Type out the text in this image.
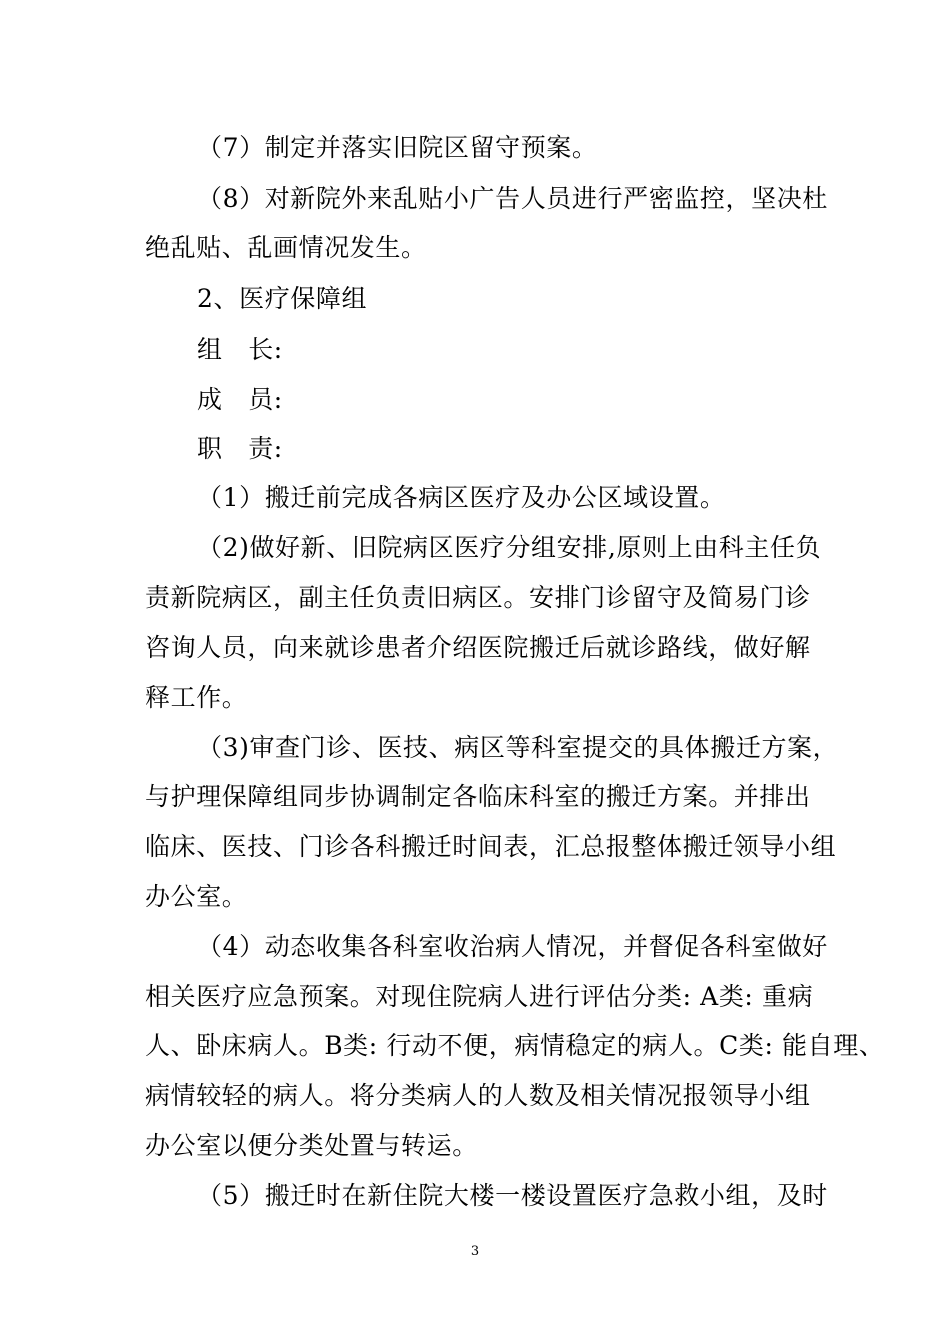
（7）制定并落实旧院区留守预案。
（8）对新院外来乱贴小广告人员进行严密监控，坚决杜
绝乱贴、乱画情况发生。
2、医疗保障组
组　长:
成　员:
职　责:
（1）搬迁前完成各病区医疗及办公区域设置。
（2)做好新、旧院病区医疗分组安排,原则上由科主任负
责新院病区，副主任负责旧病区。安排门诊留守及简易门诊
咨询人员，向来就诊患者介绍医院搬迁后就诊路线，做好解
释工作。
（3)审查门诊、医技、病区等科室提交的具体搬迁方案，
与护理保障组同步协调制定各临床科室的搬迁方案。并排出
临床、医技、门诊各科搬迁时间表，汇总报整体搬迁领导小组
办公室。
（4）动态收集各科室收治病人情况，并督促各科室做好
相关医疗应急预案。对现住院病人进行评估分类: A类: 重病
人、卧床病人。B类: 行动不便，病情稳定的病人。C类: 能自理、
病情较轻的病人。将分类病人的人数及相关情况报领导小组
办公室以便分类处置与转运。
（5）搬迁时在新住院大楼一楼设置医疗急救小组，及时
3
